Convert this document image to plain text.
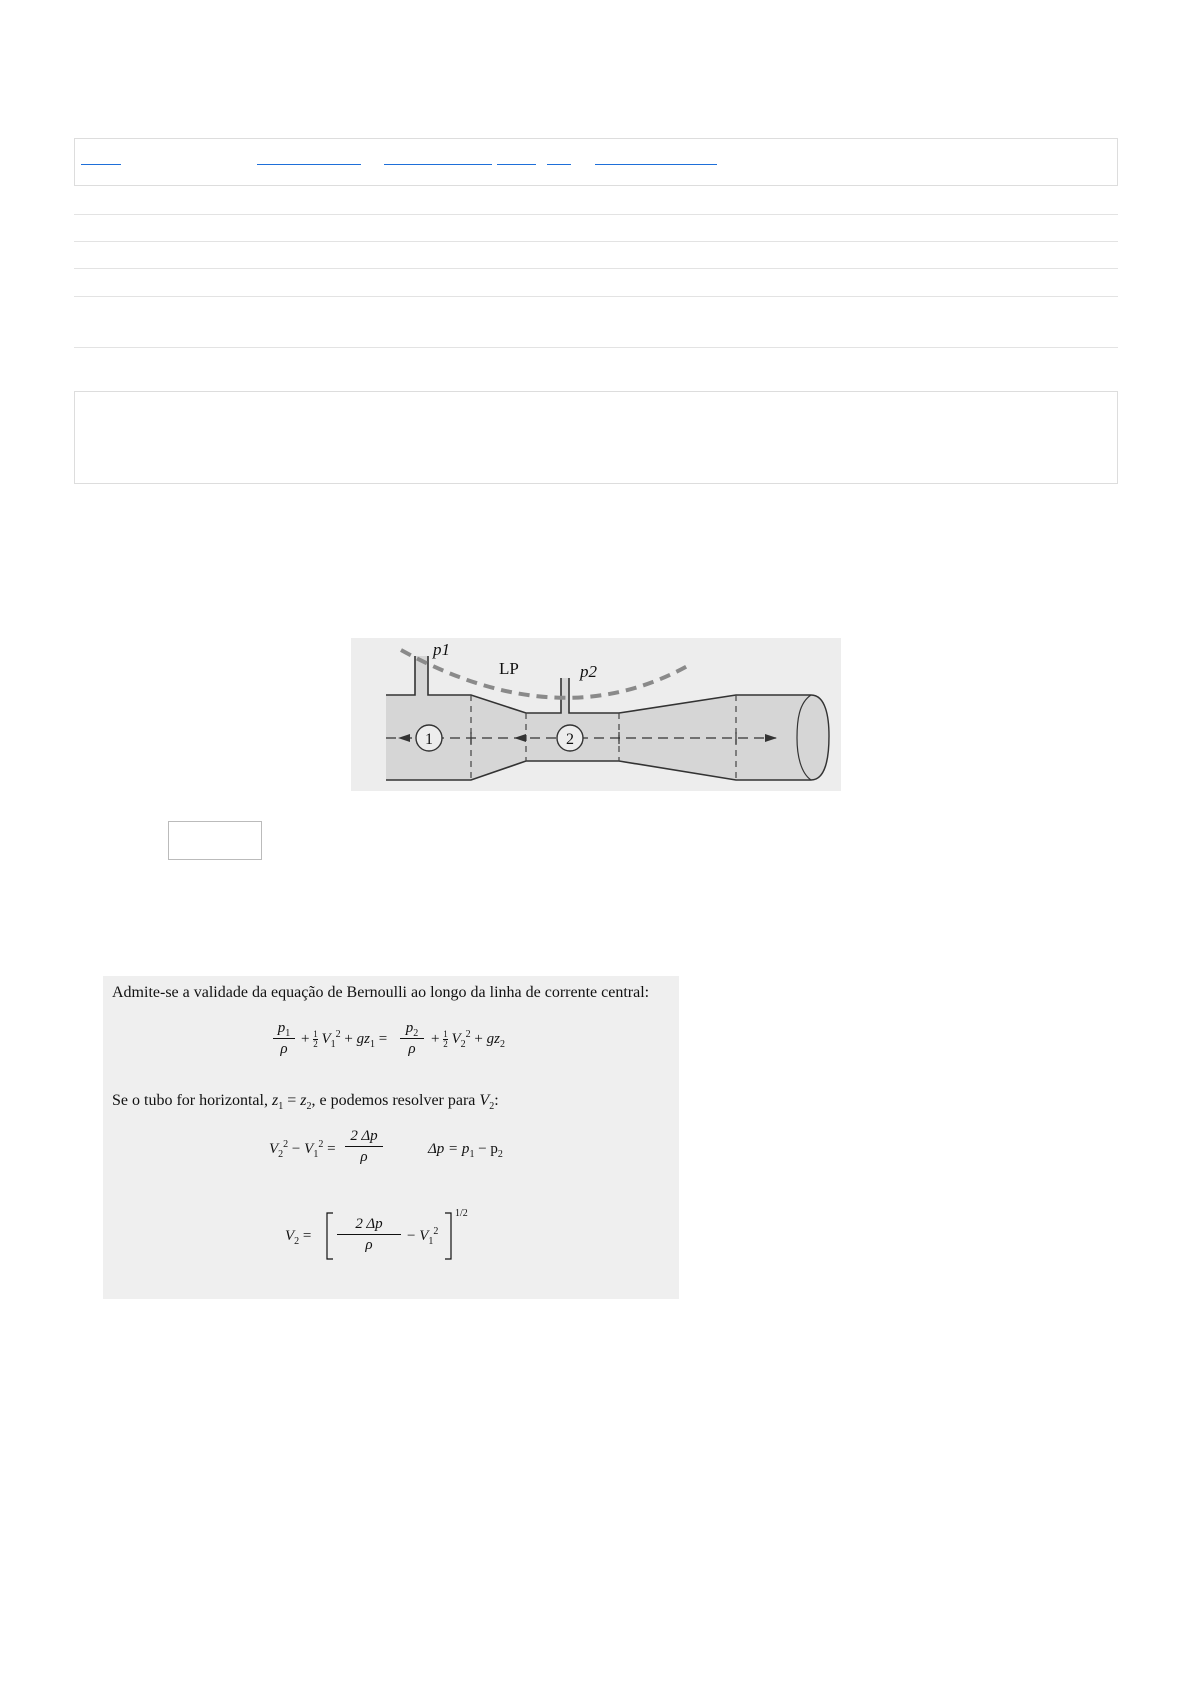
1	2
p1
LP	p2
Admite-se a validade da equação de Bernoulli ao longo da linha de corrente central:
$p_1$
ρ
+ 1
2 $V_1^2 + gz_1$ =
$p_2$
ρ
+ 1
2 $V_2^2 + gz_2$
Se o tubo for horizontal, $z_1 = z_2$, e podemos resolver para $V_2$:
$V_2^2 - V_1^2$ =
2 Δp
ρ	$\Delta p = p_1 - p_2$
$V_2$ =
2 Δp
ρ
− $V_1^2$
1/2
